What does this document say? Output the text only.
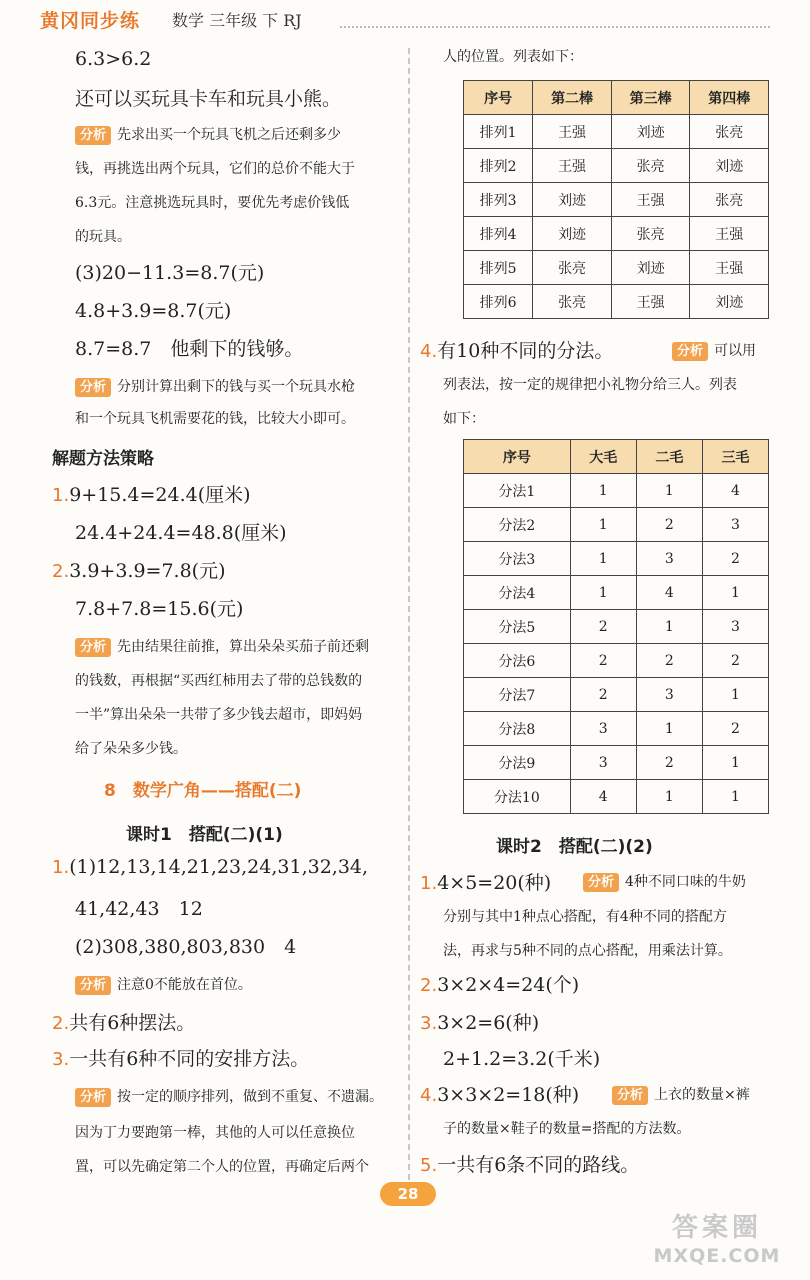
黄冈同步练 数学 三年级 下 RJ
6.3>6.2
还可以买玩具卡车和玩具小熊。
分析 先求出买一个玩具飞机之后还剩多少
钱，再挑选出两个玩具，它们的总价不能大于
6.3元。注意挑选玩具时，要优先考虑价钱低
的玩具。
(3)20−11.3=8.7(元)
4.8+3.9=8.7(元)
8.7=8.7　他剩下的钱够。
分析 分别计算出剩下的钱与买一个玩具水枪
和一个玩具飞机需要花的钱，比较大小即可。
解题方法策略
1.9+15.4=24.4(厘米)
24.4+24.4=48.8(厘米)
2.3.9+3.9=7.8(元)
7.8+7.8=15.6(元)
分析 先由结果往前推，算出朵朵买茄子前还剩
的钱数，再根据“买西红柿用去了带的总钱数的
一半”算出朵朵一共带了多少钱去超市，即妈妈
给了朵朵多少钱。
8　数学广角——搭配(二)
课时1　搭配(二)(1)
1.(1)12,13,14,21,23,24,31,32,34,
41,42,43　12
(2)308,380,803,830　4
分析 注意0不能放在首位。
2.共有6种摆法。
3.一共有6种不同的安排方法。
分析 按一定的顺序排列，做到不重复、不遗漏。
因为丁力要跑第一棒，其他的人可以任意换位
置，可以先确定第二个人的位置，再确定后两个
人的位置。列表如下：
序号	第二棒	第三棒	第四棒
排列1	王强	刘迹	张亮
排列2	王强	张亮	刘迹
排列3	刘迹	王强	张亮
排列4	刘迹	张亮	王强
排列5	张亮	刘迹	王强
排列6	张亮	王强	刘迹
4.有10种不同的分法。	分析 可以用
列表法，按一定的规律把小礼物分给三人。列表
如下：
序号	大毛	二毛	三毛
分法1	1	1	4
分法2	1	2	3
分法3	1	3	2
分法4	1	4	1
分法5	2	1	3
分法6	2	2	2
分法7	2	3	1
分法8	3	1	2
分法9	3	2	1
分法10	4	1	1
课时2　搭配(二)(2)
1.4×5=20(种)	分析 4种不同口味的牛奶
分别与其中1种点心搭配，有4种不同的搭配方
法，再求与5种不同的点心搭配，用乘法计算。
2.3×2×4=24(个)
3.3×2=6(种)
2+1.2=3.2(千米)
4.3×3×2=18(种)	分析 上衣的数量×裤
子的数量×鞋子的数量=搭配的方法数。
5.一共有6条不同的路线。
28
答案圈
MXQE.COM
